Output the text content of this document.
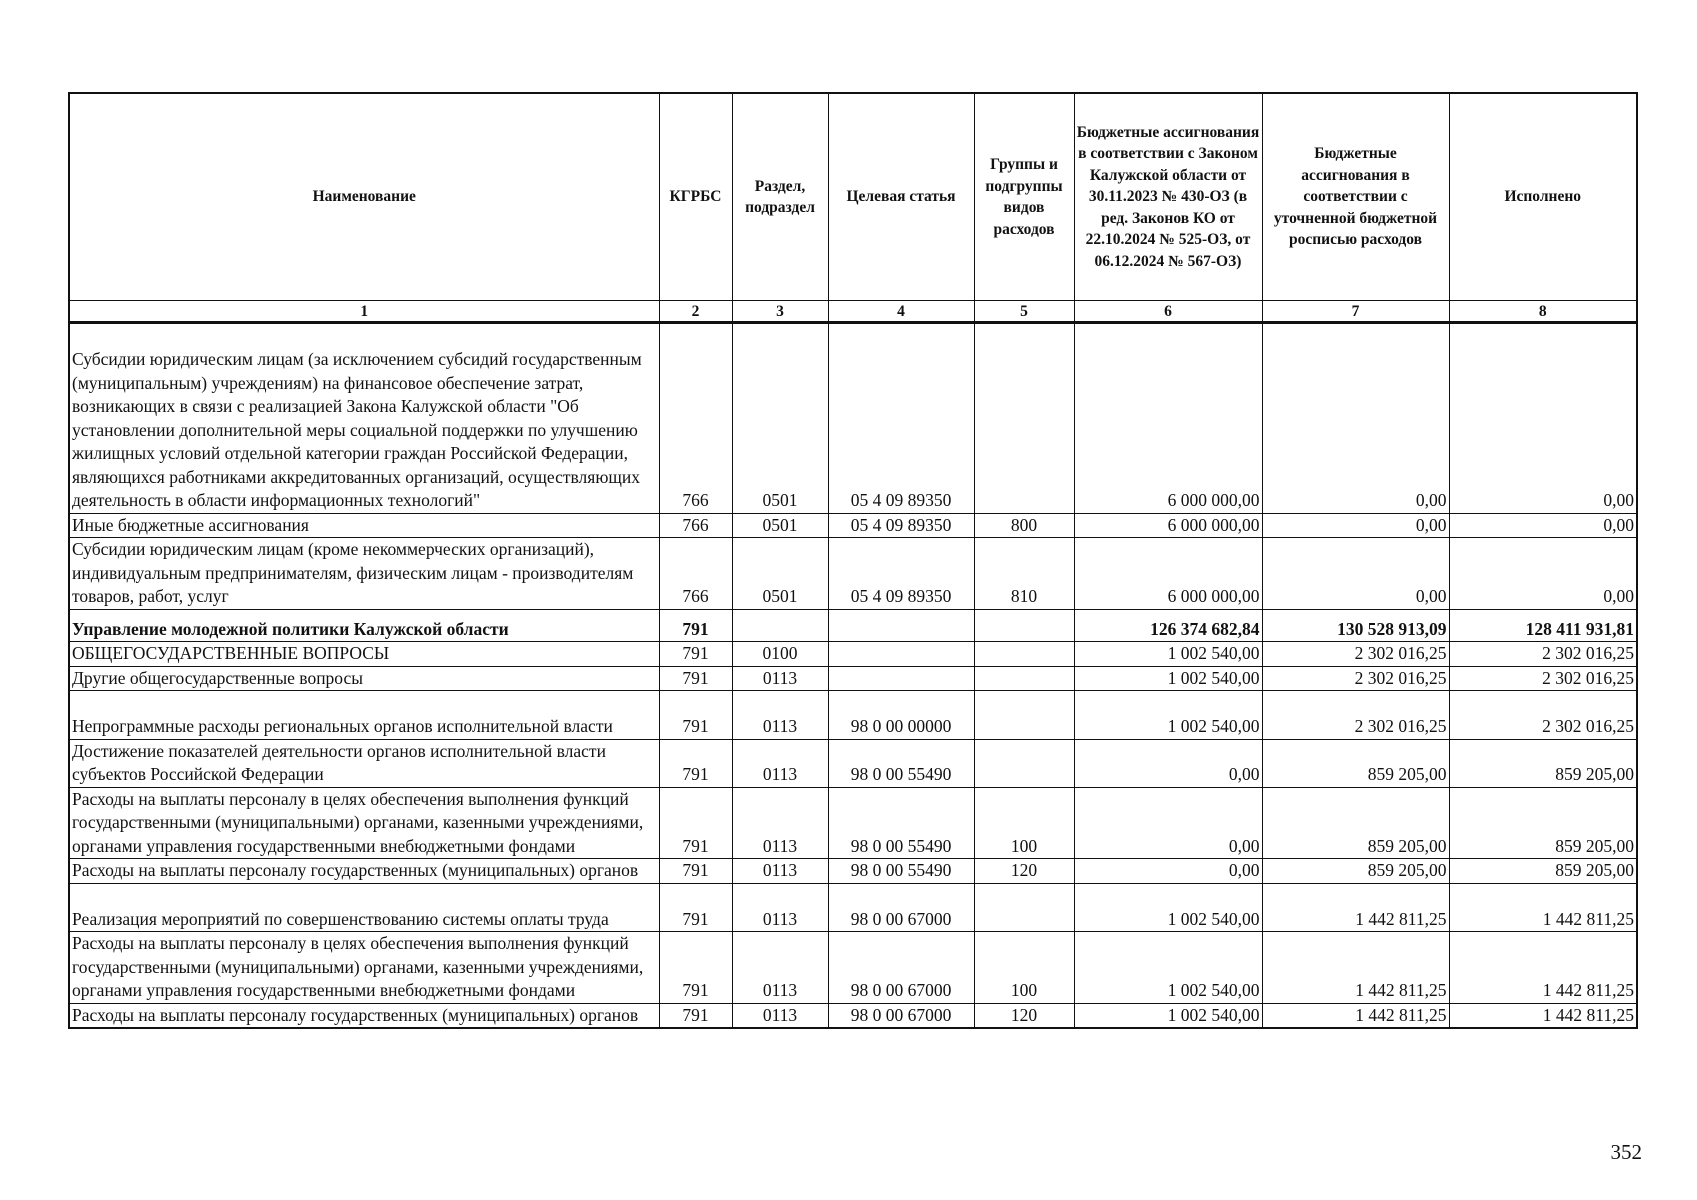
Наименование	КГРБС	Раздел, подраздел	Целевая статья	Группы и подгруппы видов расходов	Бюджетные ассигнования в соответствии с Законом Калужской области от 30.11.2023 № 430-ОЗ (в ред. Законов КО от 22.10.2024 № 525-ОЗ, от 06.12.2024 № 567-ОЗ)	Бюджетные ассигнования в соответствии с уточненной бюджетной росписью расходов	Исполнено
1	2	3	4	5	6	7	8
Субсидии юридическим лицам (за исключением субсидий государственным (муниципальным) учреждениям) на финансовое обеспечение затрат, возникающих в связи с реализацией Закона Калужской области "Об установлении дополнительной меры социальной поддержки по улучшению жилищных условий отдельной категории граждан Российской Федерации, являющихся работниками аккредитованных организаций, осуществляющих деятельность в области информационных технологий"	766	0501	05 4 09 89350		6 000 000,00	0,00	0,00
Иные бюджетные ассигнования	766	0501	05 4 09 89350	800	6 000 000,00	0,00	0,00
Субсидии юридическим лицам (кроме некоммерческих организаций), индивидуальным предпринимателям, физическим лицам - производителям товаров, работ, услуг	766	0501	05 4 09 89350	810	6 000 000,00	0,00	0,00
Управление молодежной политики Калужской области	791				126 374 682,84	130 528 913,09	128 411 931,81
ОБЩЕГОСУДАРСТВЕННЫЕ ВОПРОСЫ	791	0100			1 002 540,00	2 302 016,25	2 302 016,25
Другие общегосударственные вопросы	791	0113			1 002 540,00	2 302 016,25	2 302 016,25
Непрограммные расходы региональных органов исполнительной власти	791	0113	98 0 00 00000		1 002 540,00	2 302 016,25	2 302 016,25
Достижение показателей деятельности органов исполнительной власти субъектов Российской Федерации	791	0113	98 0 00 55490		0,00	859 205,00	859 205,00
Расходы на выплаты персоналу в целях обеспечения выполнения функций государственными (муниципальными) органами, казенными учреждениями, органами управления государственными внебюджетными фондами	791	0113	98 0 00 55490	100	0,00	859 205,00	859 205,00
Расходы на выплаты персоналу государственных (муниципальных) органов	791	0113	98 0 00 55490	120	0,00	859 205,00	859 205,00
Реализация мероприятий по совершенствованию системы оплаты труда	791	0113	98 0 00 67000		1 002 540,00	1 442 811,25	1 442 811,25
Расходы на выплаты персоналу в целях обеспечения выполнения функций государственными (муниципальными) органами, казенными учреждениями, органами управления государственными внебюджетными фондами	791	0113	98 0 00 67000	100	1 002 540,00	1 442 811,25	1 442 811,25
Расходы на выплаты персоналу государственных (муниципальных) органов	791	0113	98 0 00 67000	120	1 002 540,00	1 442 811,25	1 442 811,25
352
